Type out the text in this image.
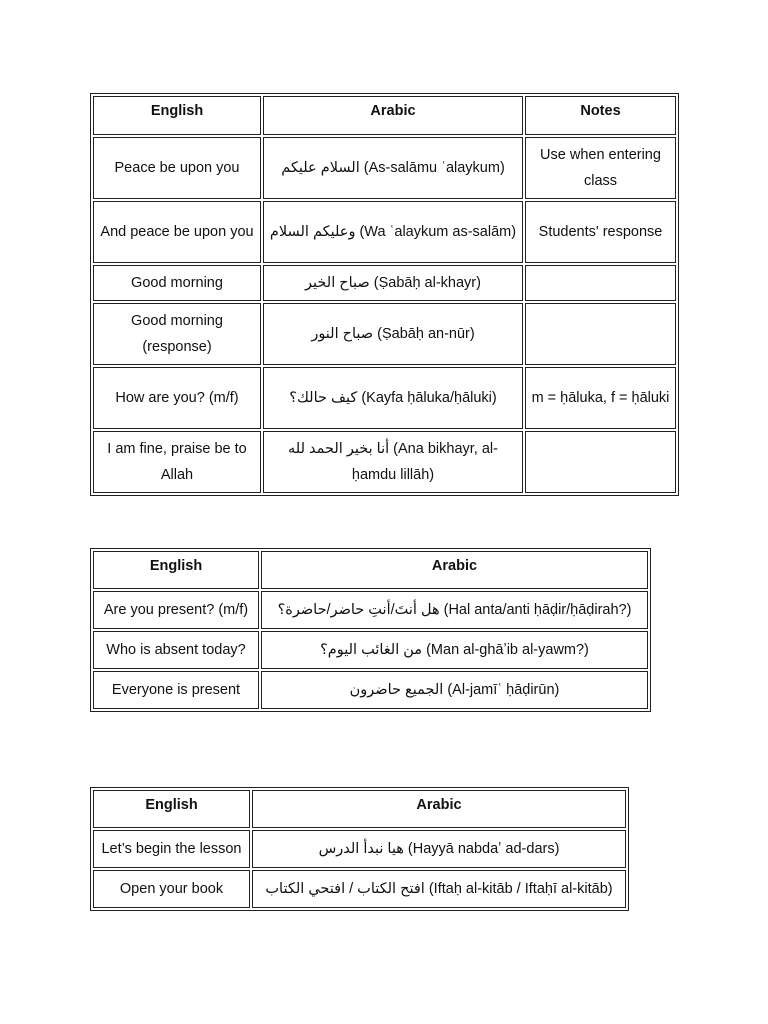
English	Arabic	Notes
Peace be upon you	السلام عليكم (As-salāmu ʿalaykum)	Use when entering class
And peace be upon you	وعليكم السلام (Wa ʿalaykum as-salām)	Students' response
Good morning	صباح الخير (Ṣabāḥ al-khayr)	
Good morning (response)	صباح النور (Ṣabāḥ an-nūr)	
How are you? (m/f)	كيف حالك؟ (Kayfa ḥāluka/ḥāluki)	m = ḥāluka, f = ḥāluki
I am fine, praise be to Allah	أنا بخير الحمد لله (Ana bikhayr, al-ḥamdu lillāh)	
English	Arabic
Are you present? (m/f)	هل أنتَ/أنتِ حاضر/حاضرة؟ (Hal anta/anti ḥāḍir/ḥāḍirah?)
Who is absent today?	من الغائب اليوم؟ (Man al-ghāʼib al-yawm?)
Everyone is present	الجميع حاضرون (Al-jamīʿ ḥāḍirūn)
English	Arabic
Let’s begin the lesson	هيا نبدأ الدرس (Hayyā nabdaʼ ad-dars)
Open your book	افتح الكتاب / افتحي الكتاب (Iftaḥ al-kitāb / Iftaḥī al-kitāb)
